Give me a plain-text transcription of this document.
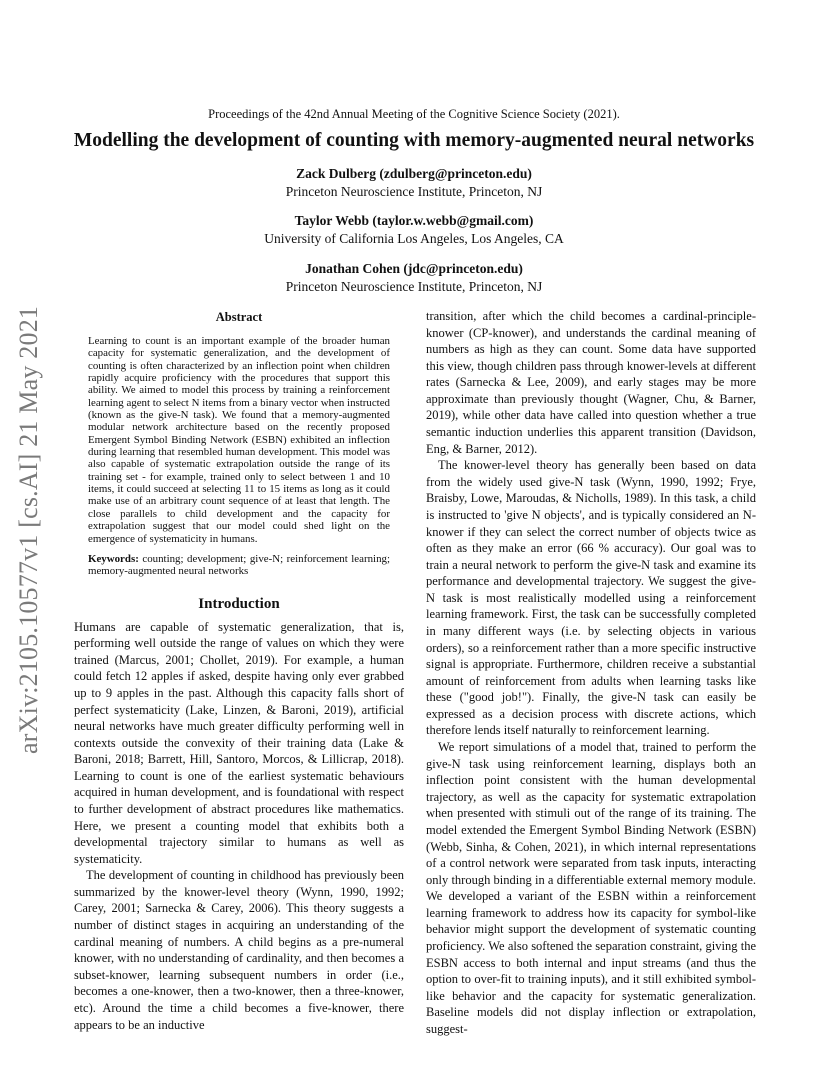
arXiv:2105.10577v1 [cs.AI] 21 May 2021
Proceedings of the 42nd Annual Meeting of the Cognitive Science Society (2021).
Modelling the development of counting with memory-augmented neural networks
Zack Dulberg (zdulberg@princeton.edu)
Princeton Neuroscience Institute, Princeton, NJ
Taylor Webb (taylor.w.webb@gmail.com)
University of California Los Angeles, Los Angeles, CA
Jonathan Cohen (jdc@princeton.edu)
Princeton Neuroscience Institute, Princeton, NJ
Abstract

Learning to count is an important example of the broader human capacity for systematic generalization, and the development of counting is often characterized by an inflection point when children rapidly acquire proficiency with the procedures that support this ability. We aimed to model this process by training a reinforcement learning agent to select N items from a binary vector when instructed (known as the give-N task). We found that a memory-augmented modular network architecture based on the recently proposed Emergent Symbol Binding Network (ESBN) exhibited an inflection during learning that resembled human development. This model was also capable of systematic extrapolation outside the range of its training set - for example, trained only to select between 1 and 10 items, it could succeed at selecting 11 to 15 items as long as it could make use of an arbitrary count sequence of at least that length. The close parallels to child development and the capacity for extrapolation suggest that our model could shed light on the emergence of systematicity in humans.

Keywords: counting; development; give-N; reinforcement learning; memory-augmented neural networks

Introduction

Humans are capable of systematic generalization, that is, performing well outside the range of values on which they were trained (Marcus, 2001; Chollet, 2019). For example, a human could fetch 12 apples if asked, despite having only ever grabbed up to 9 apples in the past. Although this capacity falls short of perfect systematicity (Lake, Linzen, & Baroni, 2019), artificial neural networks have much greater difficulty performing well in contexts outside the convexity of their training data (Lake & Baroni, 2018; Barrett, Hill, Santoro, Morcos, & Lillicrap, 2018). Learning to count is one of the earliest systematic behaviours acquired in human development, and is foundational with respect to further development of abstract procedures like mathematics. Here, we present a counting model that exhibits both a developmental trajectory similar to humans as well as systematicity.

The development of counting in childhood has previously been summarized by the knower-level theory (Wynn, 1990, 1992; Carey, 2001; Sarnecka & Carey, 2006). This theory suggests a number of distinct stages in acquiring an understanding of the cardinal meaning of numbers. A child begins as a pre-numeral knower, with no understanding of cardinality, and then becomes a subset-knower, learning subsequent numbers in order (i.e., becomes a one-knower, then a two-knower, then a three-knower, etc). Around the time a child becomes a five-knower, there appears to be an inductive

transition, after which the child becomes a cardinal-principle-knower (CP-knower), and understands the cardinal meaning of numbers as high as they can count. Some data have supported this view, though children pass through knower-levels at different rates (Sarnecka & Lee, 2009), and early stages may be more approximate than previously thought (Wagner, Chu, & Barner, 2019), while other data have called into question whether a true semantic induction underlies this apparent transition (Davidson, Eng, & Barner, 2012).

The knower-level theory has generally been based on data from the widely used give-N task (Wynn, 1990, 1992; Frye, Braisby, Lowe, Maroudas, & Nicholls, 1989). In this task, a child is instructed to 'give N objects', and is typically considered an N-knower if they can select the correct number of objects twice as often as they make an error (66 % accuracy). Our goal was to train a neural network to perform the give-N task and examine its performance and developmental trajectory. We suggest the give-N task is most realistically modelled using a reinforcement learning framework. First, the task can be successfully completed in many different ways (i.e. by selecting objects in various orders), so a reinforcement rather than a more specific instructive signal is appropriate. Furthermore, children receive a substantial amount of reinforcement from adults when learning tasks like these ("good job!"). Finally, the give-N task can easily be expressed as a decision process with discrete actions, which therefore lends itself naturally to reinforcement learning.

We report simulations of a model that, trained to perform the give-N task using reinforcement learning, displays both an inflection point consistent with the human developmental trajectory, as well as the capacity for systematic extrapolation when presented with stimuli out of the range of its training. The model extended the Emergent Symbol Binding Network (ESBN) (Webb, Sinha, & Cohen, 2021), in which internal representations of a control network were separated from task inputs, interacting only through binding in a differentiable external memory module. We developed a variant of the ESBN within a reinforcement learning framework to address how its capacity for symbol-like behavior might support the development of systematic counting proficiency. We also softened the separation constraint, giving the ESBN access to both internal and input streams (and thus the option to over-fit to training inputs), and it still exhibited symbol-like behavior and the capacity for systematic generalization. Baseline models did not display inflection or extrapolation, suggest-
